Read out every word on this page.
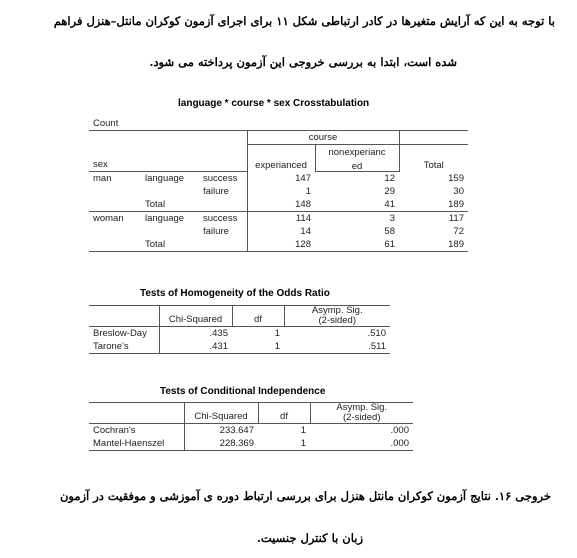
با توجه به این که آرایش متغیرها در کادر ارتباطی شکل ۱۱ برای اجرای آزمون کوکران مانتل–هنزل فراهم
شده است، ابتدا به بررسی خروجی این آزمون پرداخته می شود.
language * course * sex Crosstabulation
Count					
			course		
			experianced	nonexperianc	Total
sex				ed	
man	language	success	147	12	159
		failure	1	29	30
	Total		148	41	189
woman	language	success	114	3	117
		failure	14	58	72
	Total		128	61	189
Tests of Homogeneity of the Odds Ratio
	Chi-Squared	df	Asymp. Sig.
			(2-sided)
Breslow-Day	.435	1	.510
Tarone's	.431	1	.511
Tests of Conditional Independence
	Chi-Squared	df	Asymp. Sig.
			(2-sided)
Cochran's	233.647	1	.000
Mantel-Haenszel	228.369	1	.000
خروجی ۱۶. نتایج آزمون کوکران مانتل هنزل برای بررسی ارتباط دوره ی آموزشی و موفقیت در آزمون
زبان با کنترل جنسیت.
